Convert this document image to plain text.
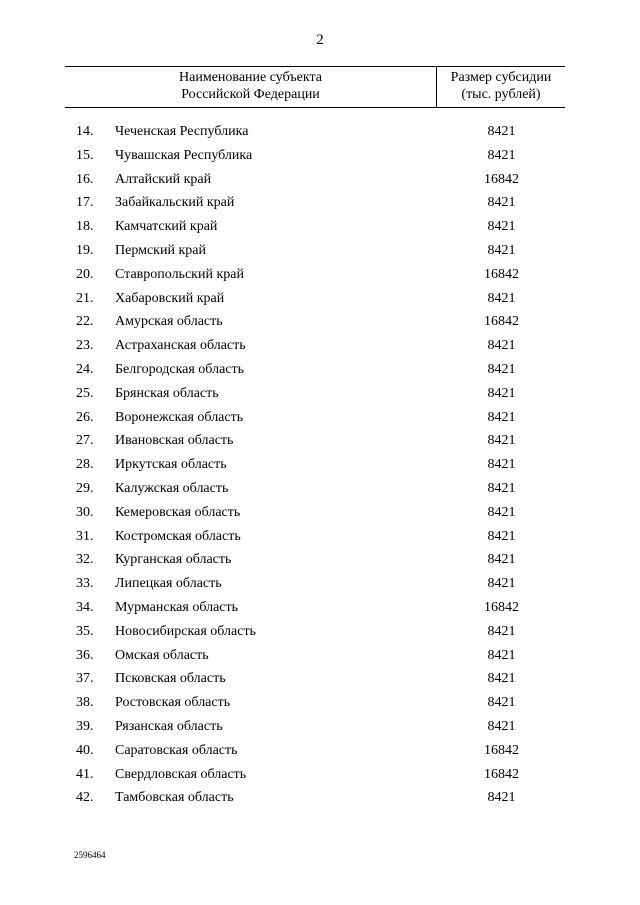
2
Наименование субъекта
Российской Федерации
Размер субсидии
(тыс. рублей)
14.	Чеченская Республика	8421
15.	Чувашская Республика	8421
16.	Алтайский край	16842
17.	Забайкальский край	8421
18.	Камчатский край	8421
19.	Пермский край	8421
20.	Ставропольский край	16842
21.	Хабаровский край	8421
22.	Амурская область	16842
23.	Астраханская область	8421
24.	Белгородская область	8421
25.	Брянская область	8421
26.	Воронежская область	8421
27.	Ивановская область	8421
28.	Иркутская область	8421
29.	Калужская область	8421
30.	Кемеровская область	8421
31.	Костромская область	8421
32.	Курганская область	8421
33.	Липецкая область	8421
34.	Мурманская область	16842
35.	Новосибирская область	8421
36.	Омская область	8421
37.	Псковская область	8421
38.	Ростовская область	8421
39.	Рязанская область	8421
40.	Саратовская область	16842
41.	Свердловская область	16842
42.	Тамбовская область	8421
2596464
